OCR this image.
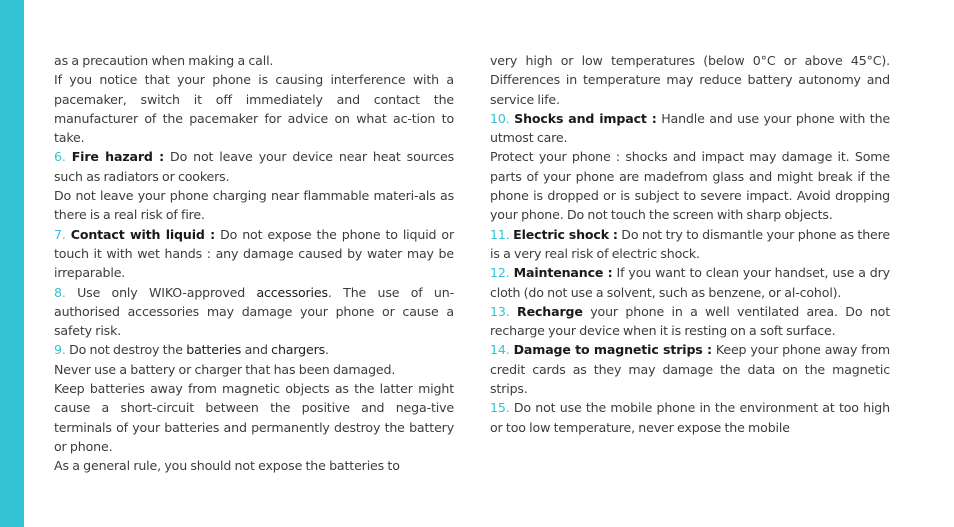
as a precaution when making a call.

If you notice that your phone is causing interference with a pacemaker, switch it off immediately and contact the manufacturer of the pacemaker for advice on what ac-tion to take.

6. Fire hazard : Do not leave your device near heat sources such as radiators or cookers.

Do not leave your phone charging near flammable materi-als as there is a real risk of fire.

7. Contact with liquid : Do not expose the phone to liquid or touch it with wet hands : any damage caused by water may be irreparable.

8. Use only WIKO-approved accessories. The use of un-authorised accessories may damage your phone or cause a safety risk.

9. Do not destroy the batteries and chargers.

Never use a battery or charger that has been damaged.

Keep batteries away from magnetic objects as the latter might cause a short-circuit between the positive and nega-tive terminals of your batteries and permanently destroy the battery or phone.

As a general rule, you should not expose the batteries to

very high or low temperatures (below 0°C or above 45°C). Differences in temperature may reduce battery autonomy and service life.

10. Shocks and impact : Handle and use your phone with the utmost care.

Protect your phone : shocks and impact may damage it. Some parts of your phone are madefrom glass and might break if the phone is dropped or is subject to severe impact. Avoid dropping your phone. Do not touch the screen with sharp objects.

11. Electric shock : Do not try to dismantle your phone as there is a very real risk of electric shock.

12. Maintenance : If you want to clean your handset, use a dry cloth (do not use a solvent, such as benzene, or al-cohol).

13. Recharge your phone in a well ventilated area. Do not recharge your device when it is resting on a soft surface.

14. Damage to magnetic strips : Keep your phone away from credit cards as they may damage the data on the magnetic strips.

15. Do not use the mobile phone in the environment at too high or too low temperature, never expose the mobile
